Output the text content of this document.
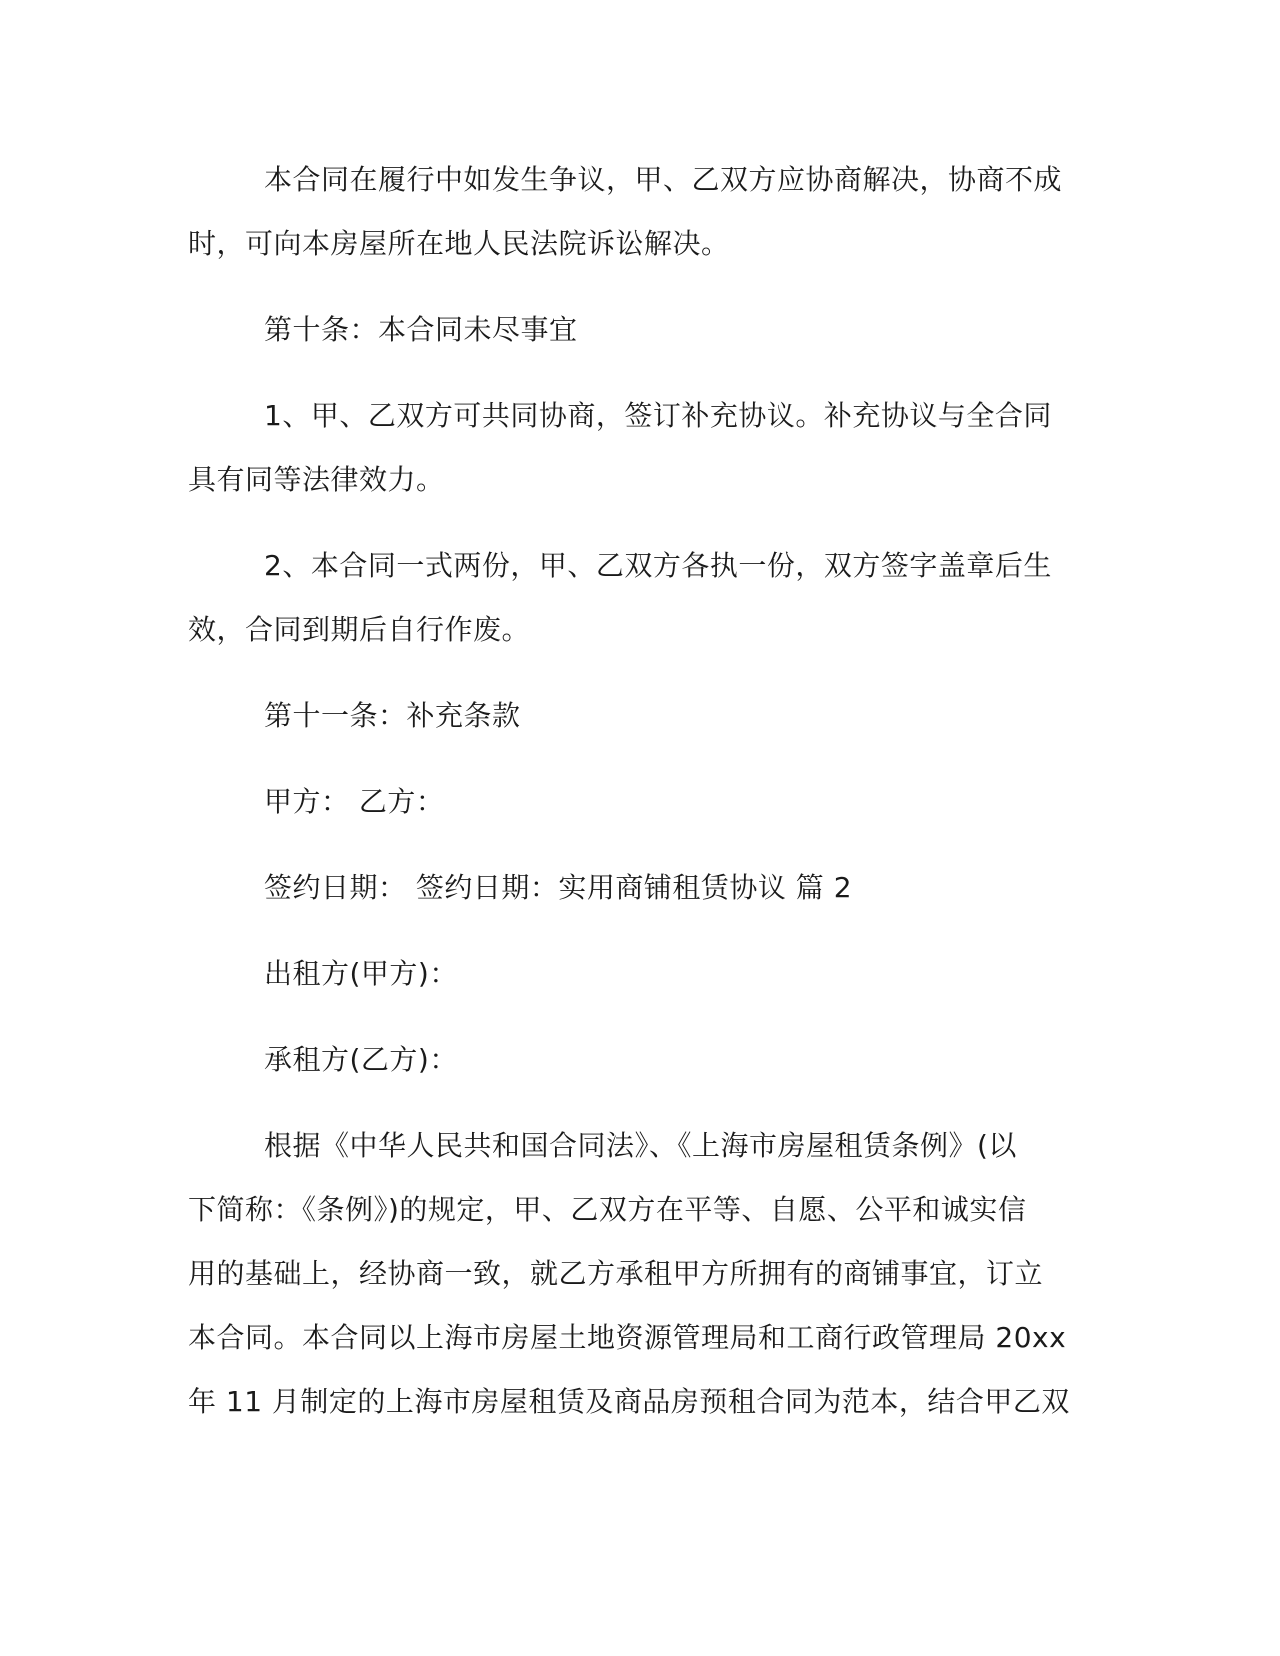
本合同在履行中如发生争议，甲、乙双方应协商解决，协商不成
时，可向本房屋所在地人民法院诉讼解决。

第十条：本合同未尽事宜

1、甲、乙双方可共同协商，签订补充协议。补充协议与全合同
具有同等法律效力。

2、本合同一式两份，甲、乙双方各执一份，双方签字盖章后生
效，合同到期后自行作废。

第十一条：补充条款

甲方： 乙方：

签约日期： 签约日期：实用商铺租赁协议 篇 2

出租方(甲方)：

承租方(乙方)：

根据《中华人民共和国合同法》、《上海市房屋租赁条例》(以
下简称：《条例》)的规定，甲、乙双方在平等、自愿、公平和诚实信
用的基础上，经协商一致，就乙方承租甲方所拥有的商铺事宜，订立
本合同。本合同以上海市房屋土地资源管理局和工商行政管理局 20xx
年 11 月制定的上海市房屋租赁及商品房预租合同为范本，结合甲乙双
